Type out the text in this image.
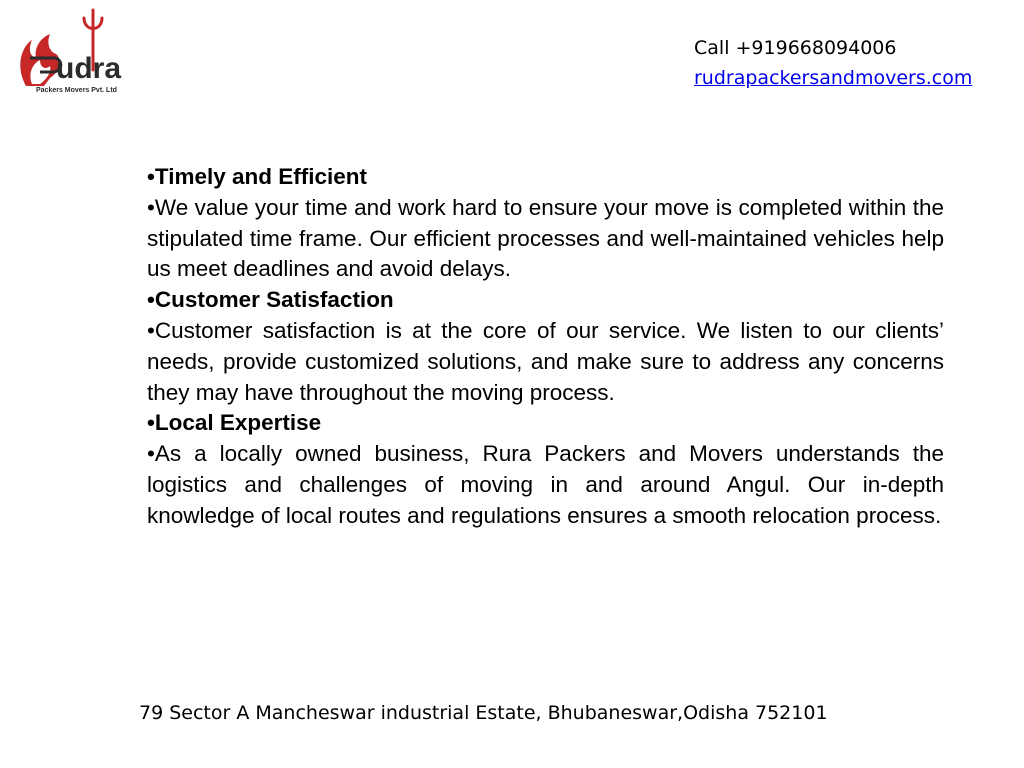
udra
Packers Movers Pvt. Ltd
Call +919668094006
rudrapackersandmovers.com

•Timely and Efficient

•We value your time and work hard to ensure your move is completed within the stipulated time frame. Our efficient processes and well-maintained vehicles help us meet deadlines and avoid delays.

•Customer Satisfaction

•Customer satisfaction is at the core of our service. We listen to our clients’ needs, provide customized solutions, and make sure to address any concerns they may have throughout the moving process.

•Local Expertise

•As a locally owned business, Rura Packers and Movers understands the logistics and challenges of moving in and around Angul. Our in-depth knowledge of local routes and regulations ensures a smooth relocation process.

79 Sector A Mancheswar industrial Estate, Bhubaneswar,Odisha 752101
